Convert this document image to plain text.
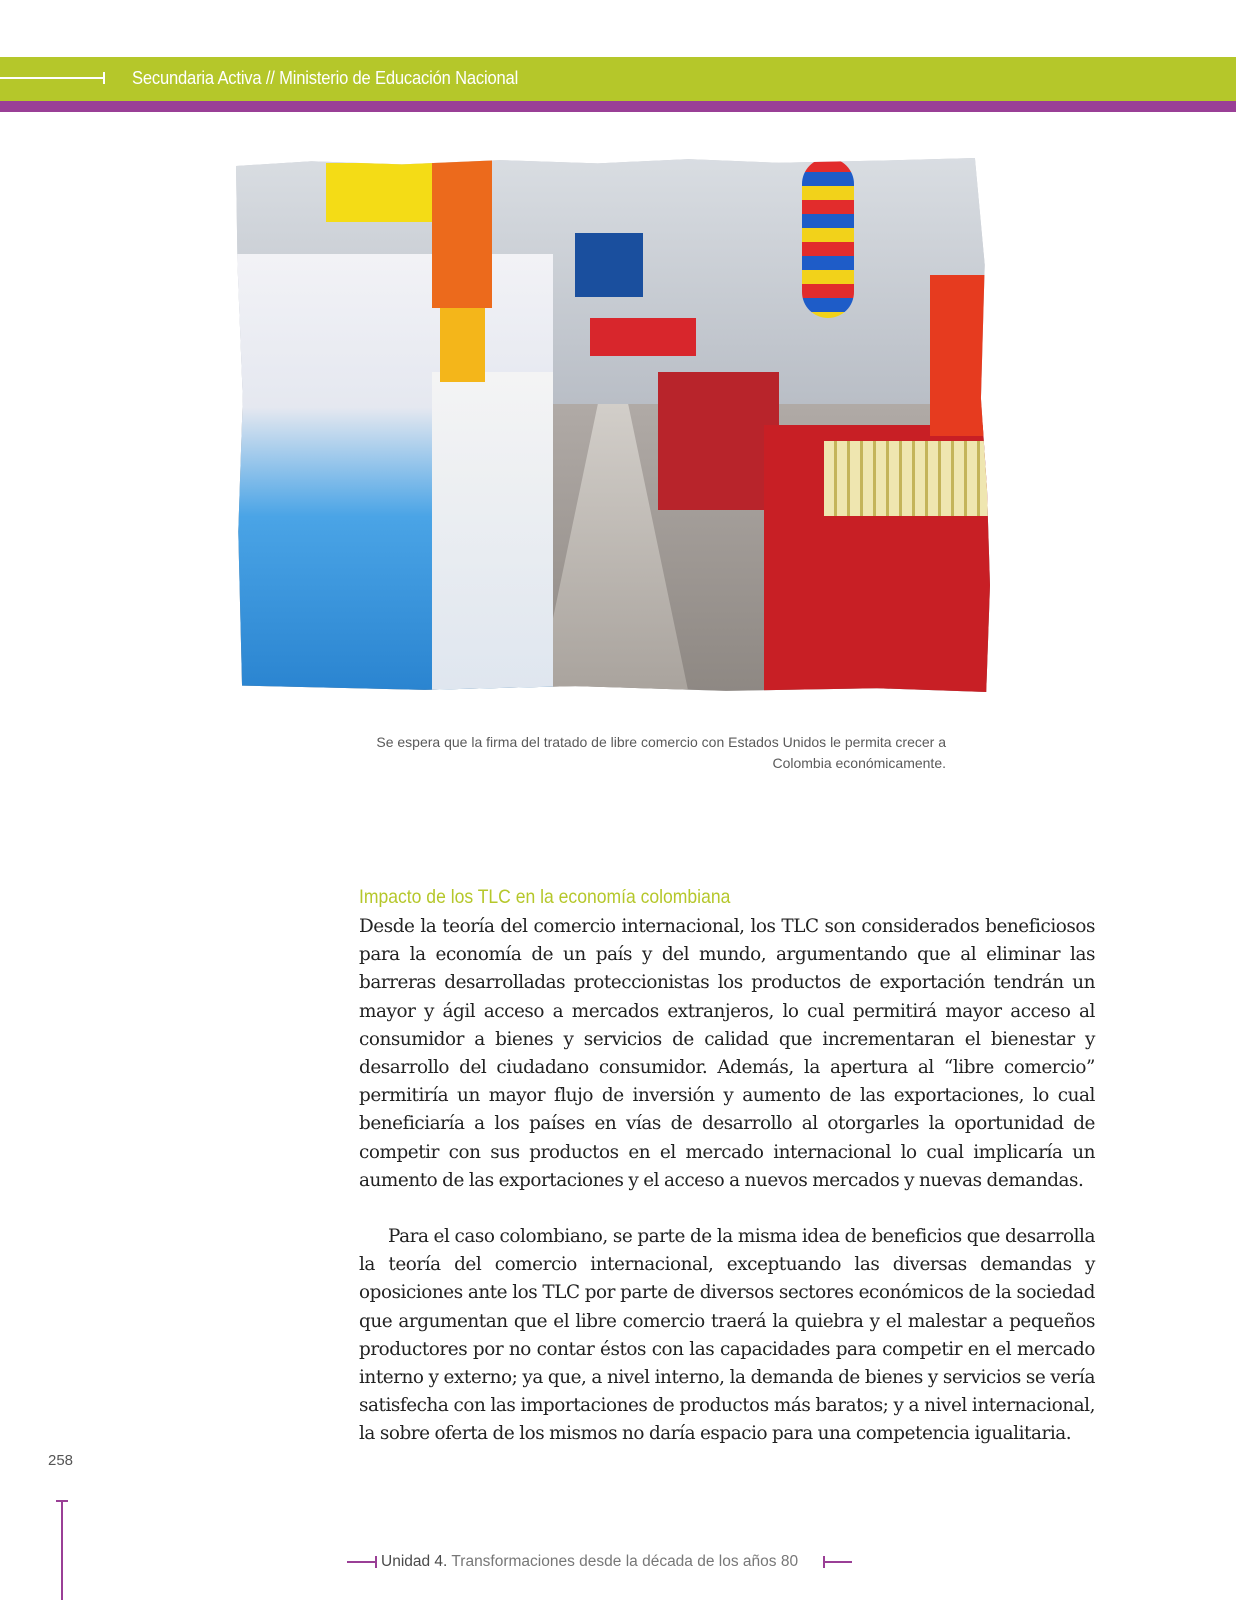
Secundaria Activa // Ministerio de Educación Nacional
Se espera que la firma del tratado de libre comercio con Estados Unidos le permita crecer a Colombia económicamente.
Impacto de los TLC en la economía colombiana

Desde la teoría del comercio internacional, los TLC son considerados beneficiosos para la economía de un país y del mundo, argumentando que al eliminar las barreras desarrolladas proteccionistas los productos de exportación tendrán un mayor y ágil acceso a mercados extranjeros, lo cual permitirá mayor acceso al consumidor a bienes y servicios de calidad que incrementaran el bienestar y desarrollo del ciudadano consumidor. Además, la apertura al “libre comercio” permitiría un mayor flujo de inversión y aumento de las exportaciones, lo cual beneficiaría a los países en vías de desarrollo al otorgarles la oportunidad de competir con sus productos en el mercado internacional lo cual implicaría un aumento de las exportaciones y el acceso a nuevos mercados y nuevas demandas.

Para el caso colombiano, se parte de la misma idea de beneficios que desarrolla la teoría del comercio internacional, exceptuando las diversas demandas y oposiciones ante los TLC por parte de diversos sectores económicos de la sociedad que argumentan que el libre comercio traerá la quiebra y el malestar a pequeños productores por no contar éstos con las capacidades para competir en el mercado interno y externo; ya que, a nivel interno, la demanda de bienes y servicios se vería satisfecha con las importaciones de productos más baratos; y a nivel internacional, la sobre oferta de los mismos no daría espacio para una competencia igualitaria.

258
Unidad 4. Transformaciones desde la década de los años 80
